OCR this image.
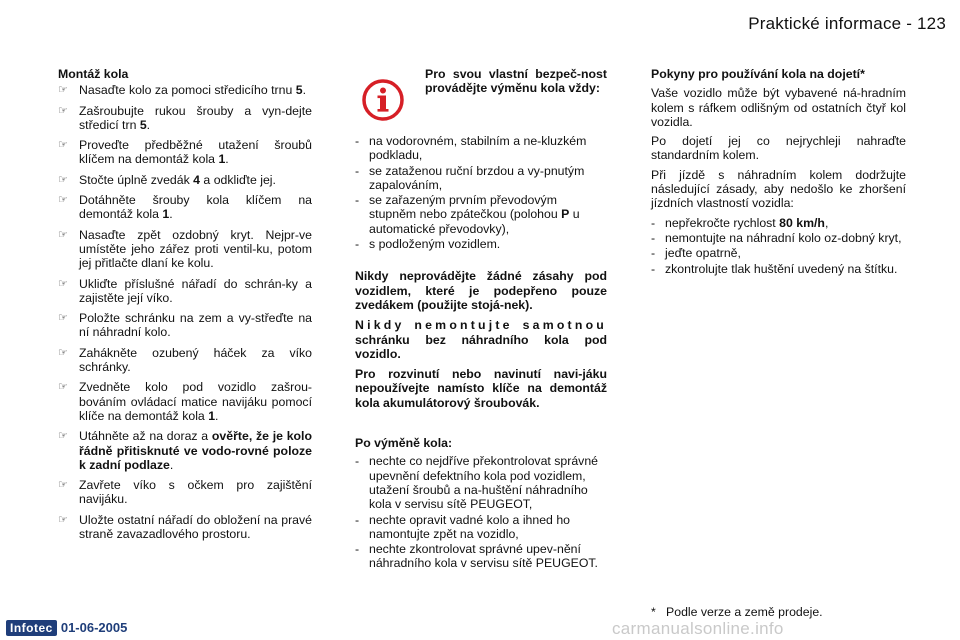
Praktické informace - 123
Montáž kola
☞ Nasaďte kolo za pomoci středicího trnu 5.
☞ Zašroubujte rukou šrouby a vyn-dejte středicí trn 5.
☞ Proveďte předběžné utažení šroubů klíčem na demontáž kola 1.
☞ Stočte úplně zvedák 4 a odkliďte jej.
☞ Dotáhněte šrouby kola klíčem na demontáž kola 1.
☞ Nasaďte zpět ozdobný kryt. Nejpr-ve umístěte jeho zářez proti ventil-ku, potom jej přitlačte dlaní ke kolu.
☞ Ukliďte příslušné nářadí do schrán-ky a zajistěte její víko.
☞ Položte schránku na zem a vy-střeďte na ní náhradní kolo.
☞ Zahákněte ozubený háček za víko schránky.
☞ Zvedněte kolo pod vozidlo zašrou-bováním ovládací matice navijáku pomocí klíče na demontáž kola 1.
☞ Utáhněte až na doraz a ověřte, že je kolo řádně přitisknuté ve vodo-rovné poloze k zadní podlaze.
☞ Zavřete víko s očkem pro zajištění navijáku.
☞ Uložte ostatní nářadí do obložení na pravé straně zavazadlového prostoru.
Pro svou vlastní bezpeč-nost provádějte výměnu kola vždy:
- na vodorovném, stabilním a ne-kluzkém podkladu,
- se zataženou ruční brzdou a vy-pnutým zapalováním,
- se zařazeným prvním převodovým stupněm nebo zpátečkou (polohou P u automatické převodovky),
- s podloženým vozidlem.

Nikdy neprovádějte žádné zásahy pod vozidlem, které je podepřeno pouze zvedákem (použijte stojá-nek).

Nikdy nemontujte samotnou schránku bez náhradního kola pod vozidlo.

Pro rozvinutí nebo navinutí navi-jáku nepoužívejte namísto klíče na demontáž kola akumulátorový šroubovák.

Po výměně kola:
- nechte co nejdříve překontrolovat správné upevnění defektního kola pod vozidlem, utažení šroubů a na-huštění náhradního kola v servisu sítě PEUGEOT,
- nechte opravit vadné kolo a ihned ho namontujte zpět na vozidlo,
- nechte zkontrolovat správné upev-nění náhradního kola v servisu sítě PEUGEOT.
Pokyny pro používání kola na dojetí*

Vaše vozidlo může být vybavené ná-hradním kolem s ráfkem odlišným od ostatních čtyř kol vozidla.

Po dojetí jej co nejrychleji nahraďte standardním kolem.

Při jízdě s náhradním kolem dodržujte následující zásady, aby nedošlo ke zhoršení jízdních vlastností vozidla:

- nepřekročte rychlost 80 km/h,
- nemontujte na náhradní kolo oz-dobný kryt,
- jeďte opatrně,
- zkontrolujte tlak huštění uvedený na štítku.
*   Podle verze a země prodeje.
Infotec 01-06-2005	carmanualsonline.info
